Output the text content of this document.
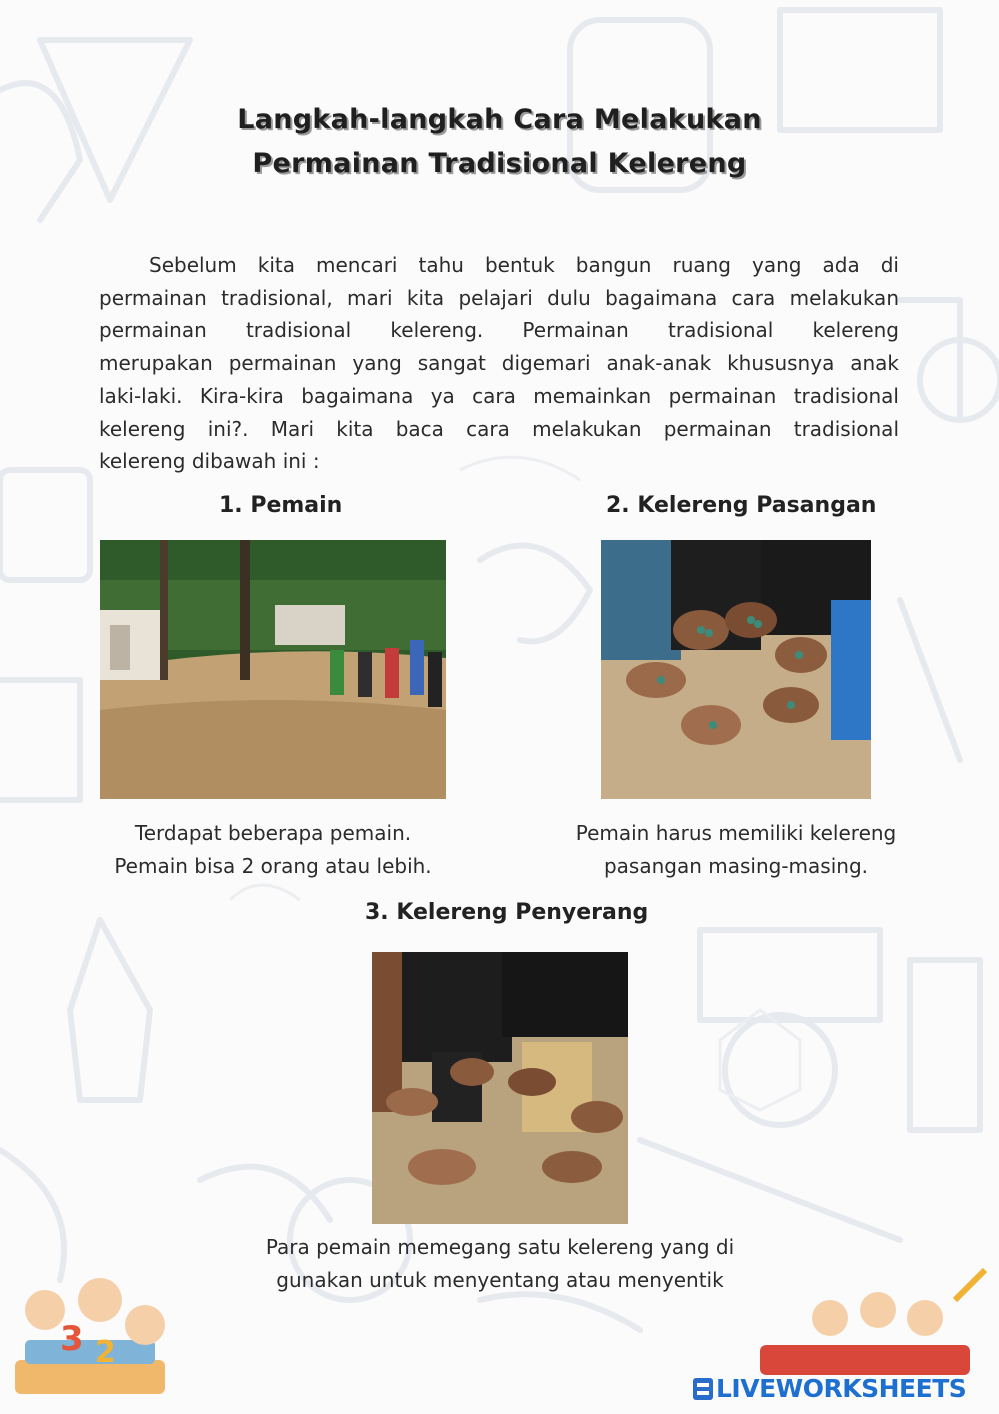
3 2
Langkah-langkah Cara Melakukan
Permainan Tradisional Kelereng

Sebelum kita mencari tahu bentuk bangun ruang yang ada di
permainan tradisional, mari kita pelajari dulu bagaimana cara melakukan
permainan tradisional kelereng. Permainan tradisional kelereng
merupakan permainan yang sangat digemari anak-anak khususnya anak
laki-laki. Kira-kira bagaimana ya cara memainkan permainan tradisional
kelereng ini?. Mari kita baca cara melakukan permainan tradisional
kelereng dibawah ini :

1. Pemain
Terdapat beberapa pemain.
Pemain bisa 2 orang atau lebih.
2. Kelereng Pasangan
Pemain harus memiliki kelereng
pasangan masing-masing.
3. Kelereng Penyerang
Para pemain memegang satu kelereng yang di
gunakan untuk menyentang atau menyentik
LIVEWORKSHEETS
